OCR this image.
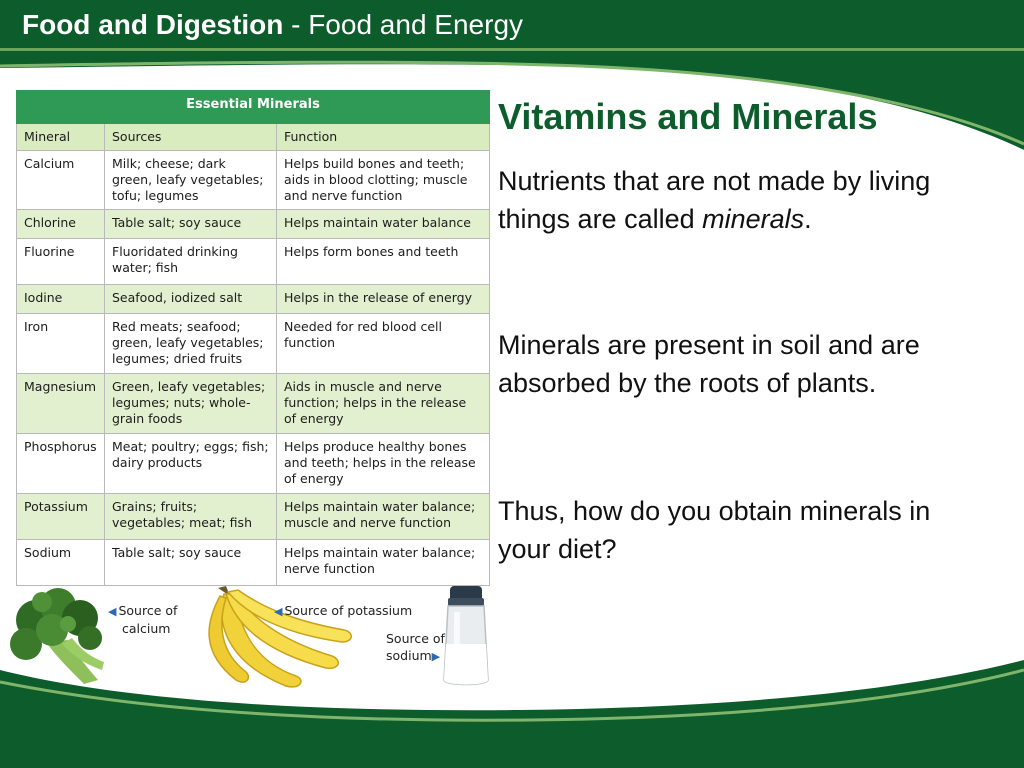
Food and Digestion - Food and Energy
Essential Minerals		
Mineral	Sources	Function
Calcium	Milk; cheese; dark green, leafy vegetables; tofu; legumes	Helps build bones and teeth; aids in blood clotting; muscle and nerve function
Chlorine	Table salt; soy sauce	Helps maintain water balance
Fluorine	Fluoridated drinking water; fish	Helps form bones and teeth
Iodine	Seafood, iodized salt	Helps in the release of energy
Iron	Red meats; seafood; green, leafy vegetables; legumes; dried fruits	Needed for red blood cell function
Magnesium	Green, leafy vegetables; legumes; nuts; whole-grain foods	Aids in muscle and nerve function; helps in the release of energy
Phosphorus	Meat; poultry; eggs; fish; dairy products	Helps produce healthy bones and teeth; helps in the release of energy
Potassium	Grains; fruits; vegetables; meat; fish	Helps maintain water balance; muscle and nerve function
Sodium	Table salt; soy sauce	Helps maintain water balance; nerve function
Vitamins and Minerals

Nutrients that are not made by living things are called minerals.

Minerals are present in soil and are absorbed by the roots of plants.

Thus, how do you obtain minerals in your diet?

◀ Source of
calcium
◀ Source of potassium
Source of
sodium▶
